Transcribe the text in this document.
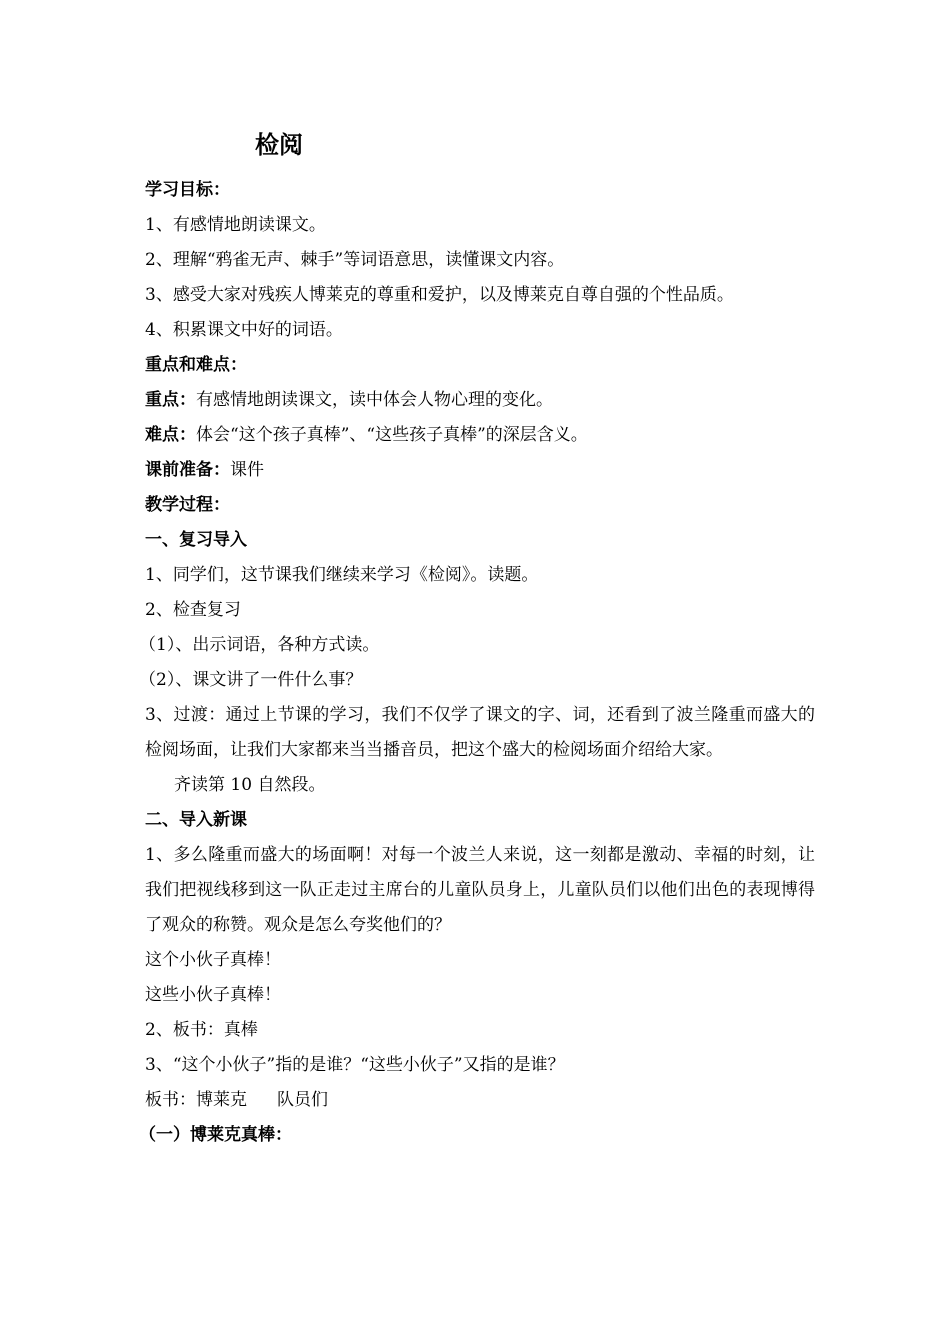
检阅

学习目标：

1、有感情地朗读课文。

2、理解“鸦雀无声、棘手”等词语意思，读懂课文内容。

3、感受大家对残疾人博莱克的尊重和爱护，以及博莱克自尊自强的个性品质。

4、积累课文中好的词语。

重点和难点：

重点：有感情地朗读课文，读中体会人物心理的变化。

难点：体会“这个孩子真棒”、“这些孩子真棒”的深层含义。

课前准备：课件

教学过程：

一、复习导入

1、同学们，这节课我们继续来学习《检阅》。读题。

2、检查复习

（1）、出示词语，各种方式读。

（2）、课文讲了一件什么事？

3、过渡：通过上节课的学习，我们不仅学了课文的字、词，还看到了波兰隆重而盛大的检阅场面，让我们大家都来当当播音员，把这个盛大的检阅场面介绍给大家。

齐读第 10 自然段。

二、导入新课

1、多么隆重而盛大的场面啊！对每一个波兰人来说，这一刻都是激动、幸福的时刻，让我们把视线移到这一队正走过主席台的儿童队员身上，儿童队员们以他们出色的表现博得了观众的称赞。观众是怎么夸奖他们的？

这个小伙子真棒！

这些小伙子真棒！

2、板书：真棒

3、“这个小伙子”指的是谁？“这些小伙子”又指的是谁？

板书：博莱克 队员们

（一）博莱克真棒：
